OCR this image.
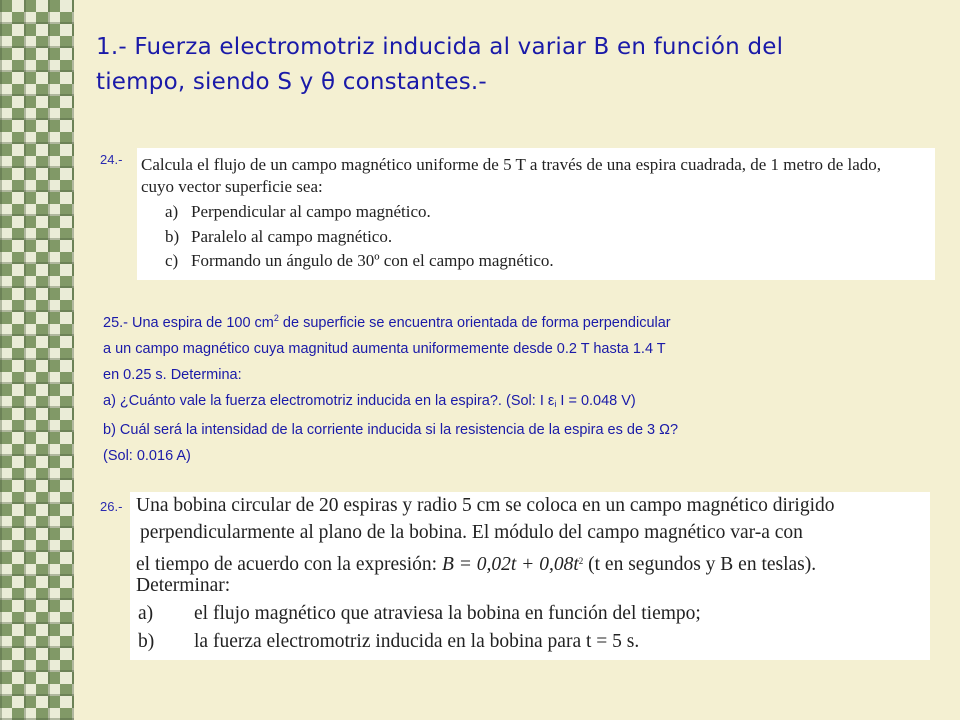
1.- Fuerza electromotriz inducida al variar B en función del
tiempo, siendo S y θ constantes.-
24.- Calcula el flujo de un campo magnético uniforme de 5 T a través de una espira cuadrada, de 1 metro de lado,
cuyo vector superficie sea:
a) Perpendicular al campo magnético.
b) Paralelo al campo magnético.
c) Formando un ángulo de 30º con el campo magnético.
25.- Una espira de 100 $cm^2$ de superficie se encuentra orientada de forma perpendicular
a un campo magnético cuya magnitud aumenta uniformemente desde 0.2 T hasta 1.4 T
en 0.25 s. Determina:
a) ¿Cuánto vale la fuerza electromotriz inducida en la espira?. (Sol: I $\varepsilon_i$ I = 0.048 V)
b) Cuál será la intensidad de la corriente inducida si la resistencia de la espira es de 3 Ω?
(Sol: 0.016 A)
26.- Una bobina circular de 20 espiras y radio 5 cm se coloca en un campo magnético dirigido
perpendicularmente al plano de la bobina. El módulo del campo magnético var-a con
el tiempo de acuerdo con la expresión: $B = 0,02t + 0,08t^2$ (t en segundos y B en teslas).
Determinar:
a) el flujo magnético que atraviesa la bobina en función del tiempo;
b) la fuerza electromotriz inducida en la bobina para t = 5 s.
